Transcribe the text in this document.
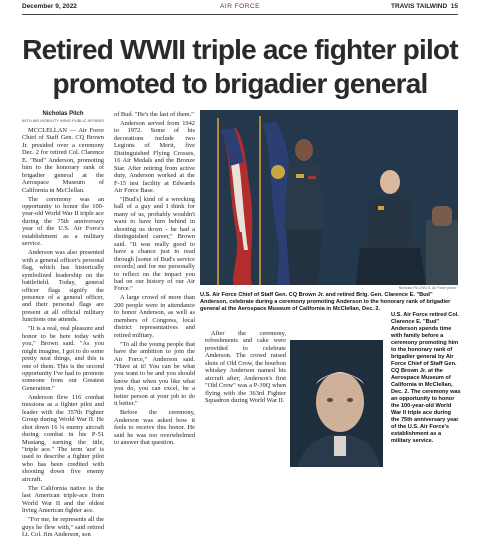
December 9, 2022	AIR FORCE	TRAVIS TAILWIND 15
Retired WWII triple ace fighter pilot
promoted to brigadier general
Nicholas Pilch
60TH AIR MOBILITY WING PUBLIC AFFAIRS

MCCLELLAN — Air Force Chief of Staff Gen. CQ Brown Jr. presided over a ceremony Dec. 2 for retired Col. Clarence E. "Bud" Anderson, promoting him to the honorary rank of brigadier general at the Aerospace Museum of California in McClellan.

The ceremony was an opportunity to honor the 100-year-old World War II triple ace during the 75th anniversary year of the U.S. Air Force's establishment as a military service.

Anderson was also presented with a general officer's personal flag, which has historically symbolized leadership on the battlefield. Today, general officer flags signify the presence of a general officer, and their personal flags are present at all official military functions one attends.

"It is a real, real pleasure and honor to be here today with you," Brown said. "As you might imagine, I got to do some pretty neat things, and this is one of them. This is the second opportunity I've had to promote someone from our Greatest Generation."

Anderson flew 116 combat missions as a fighter pilot and leader with the 357th Fighter Group during World War II. He shot down 16 ¼ enemy aircraft during combat in his P-51 Mustang, earning the title, "triple ace." The term 'ace' is used to describe a fighter pilot who has been credited with shooting down five enemy aircraft.

The California native is the last American triple-ace from World War II and the oldest living American fighter ace.

"For me, he represents all the guys he flew with," said retired Lt. Col. Jim Anderson, son

of Bud. "He's the last of them."

Anderson served from 1942 to 1972. Some of his decorations include two Legions of Merit, five Distinguished Flying Crosses, 16 Air Medals and the Bronze Star. After retiring from active duty, Anderson worked at the F-15 test facility at Edwards Air Force Base.

"[Bud's] kind of a wrecking ball of a guy and I think for many of us, probably wouldn't want to have him behind in shooting us down - he had a distinguished career," Brown said. "It was really good to have a chance just to read through [some of Bud's service records] and for me personally to reflect on the impact you had on our history of our Air Force."

A large crowd of more than 200 people were in attendance to honor Anderson, as well as members of Congress, local district representatives and retired military.

"To all the young people that have the ambition to join the Air Force," Anderson said. "Have at it! You can be what you want to be and you should know that when you like what you do, you can excel, be a better person at your job to do it better."

Before the ceremony, Anderson was asked how it feels to receive this honor. He said he was too overwhelmed to answer that question.

After the ceremony, refreshments and cake were provided to celebrate Anderson. The crowd raised shots of Old Crow, the bourbon whiskey Anderson named his aircraft after; Anderson's first "Old Crow" was a P-39Q when flying with the 363rd Fighter Squadron during World War II.

Nicholas PILCH/U.S. Air Force photo
U.S. Air Force Chief of Staff Gen. CQ Brown Jr. and retired Brig. Gen. Clarence E. "Bud" Anderson, celebrate during a ceremony promoting Anderson to the honorary rank of brigadier general at the Aerospace Museum of California in McClellan, Dec. 2.
U.S. Air Force retired Col. Clarence E. "Bud" Anderson spends time with family before a ceremony promoting him to the honorary rank of brigadier general by Air Force Chief of Staff Gen. CQ Brown Jr. at the Aerospace Museum of California in McClellan, Dec. 2. The ceremony was an opportunity to honor the 100-year-old World War II triple ace during the 75th anniversary year of the U.S. Air Force's establishment as a military service.
